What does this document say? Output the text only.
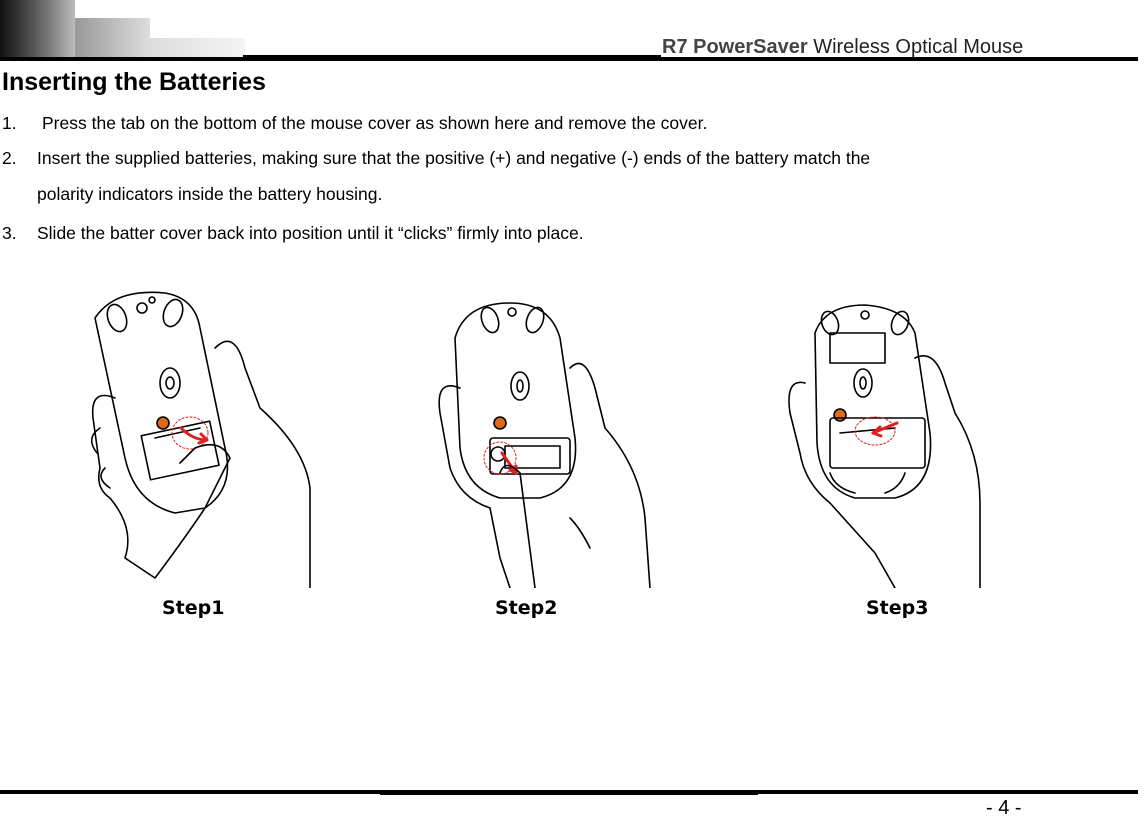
R7 PowerSaver Wireless Optical Mouse
Inserting the Batteries
1. Press the tab on the bottom of the mouse cover as shown here and remove the cover.
2. Insert the supplied batteries, making sure that the positive (+) and negative (-) ends of the battery match the
polarity indicators inside the battery housing.
3. Slide the batter cover back into position until it “clicks” firmly into place.
Step1	Step2	Step3
- 4 -
